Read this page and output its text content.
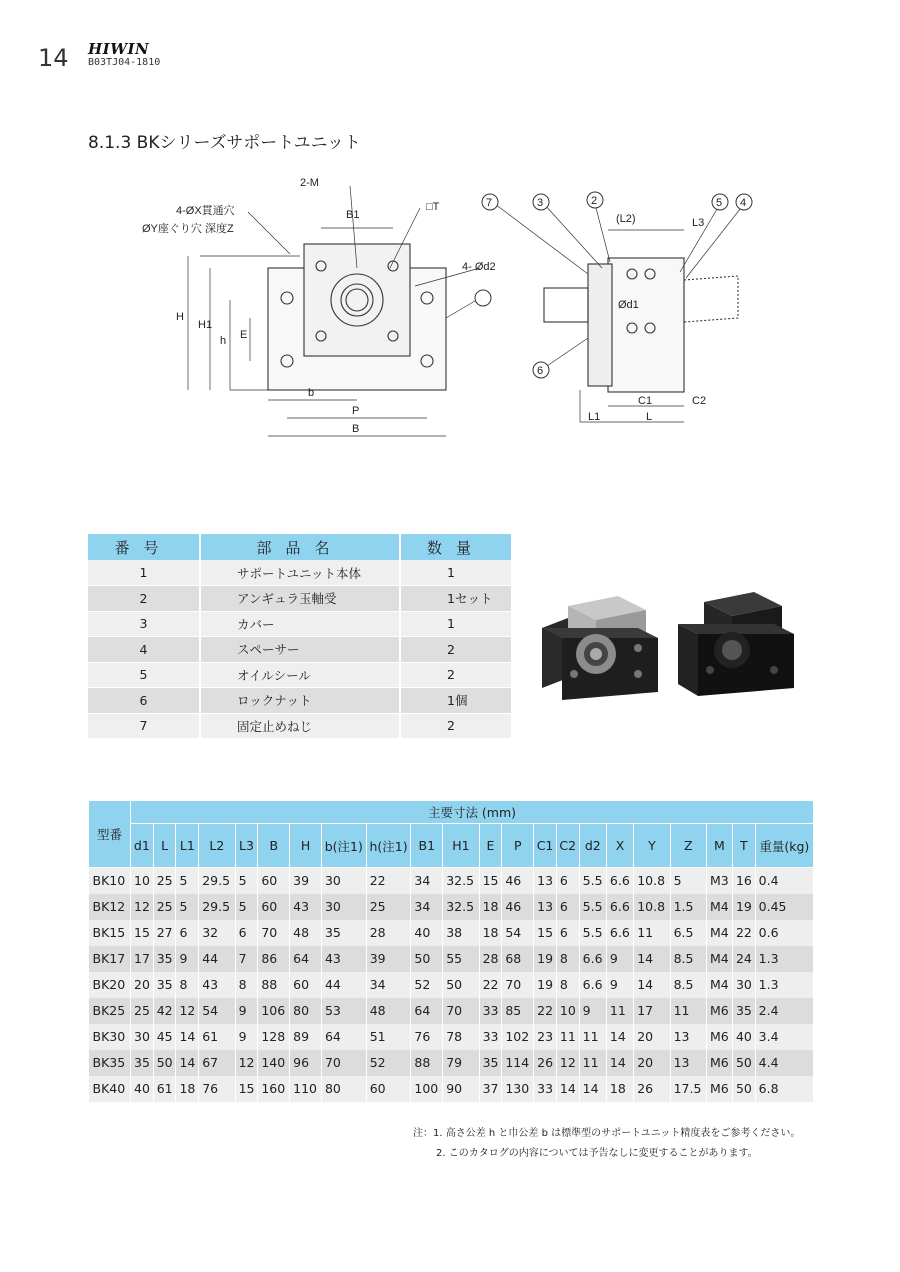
14 HIWIN
B03TJ04-1810
8.1.3 BKシリーズサポートユニット
2-M
B1
4-ØX貫通穴
ØY座ぐり穴 深度Z
□T
4- Ød2
H
H1
h E
b
P
B
7	3	2	5 4
6
(L2)	L3
Ød1
C1	C2
L1	L
番号	部品名	数量
1	サポートユニット本体	1
2	アンギュラ玉軸受	1セット
3	カバー	1
4	スペーサー	2
5	オイルシール	2
6	ロックナット	1個
7	固定止めねじ	2
型番	主要寸法 (mm)																					
	d1	L	L1	L2	L3	B	H	b(注1)	h(注1)	B1	H1	E	P	C1	C2	d2	X	Y	Z	M	T	重量(kg)
BK10	10	25	5	29.5	5	60	39	30	22	34	32.5	15	46	13	6	5.5	6.6	10.8	5	M3	16	0.4
BK12	12	25	5	29.5	5	60	43	30	25	34	32.5	18	46	13	6	5.5	6.6	10.8	1.5	M4	19	0.45
BK15	15	27	6	32	6	70	48	35	28	40	38	18	54	15	6	5.5	6.6	11	6.5	M4	22	0.6
BK17	17	35	9	44	7	86	64	43	39	50	55	28	68	19	8	6.6	9	14	8.5	M4	24	1.3
BK20	20	35	8	43	8	88	60	44	34	52	50	22	70	19	8	6.6	9	14	8.5	M4	30	1.3
BK25	25	42	12	54	9	106	80	53	48	64	70	33	85	22	10	9	11	17	11	M6	35	2.4
BK30	30	45	14	61	9	128	89	64	51	76	78	33	102	23	11	11	14	20	13	M6	40	3.4
BK35	35	50	14	67	12	140	96	70	52	88	79	35	114	26	12	11	14	20	13	M6	50	4.4
BK40	40	61	18	76	15	160	110	80	60	100	90	37	130	33	14	14	18	26	17.5	M6	50	6.8
注：1. 高さ公差 h と巾公差 b は標準型のサポートユニット精度表をご参考ください。
2. このカタログの内容については予告なしに変更することがあります。
